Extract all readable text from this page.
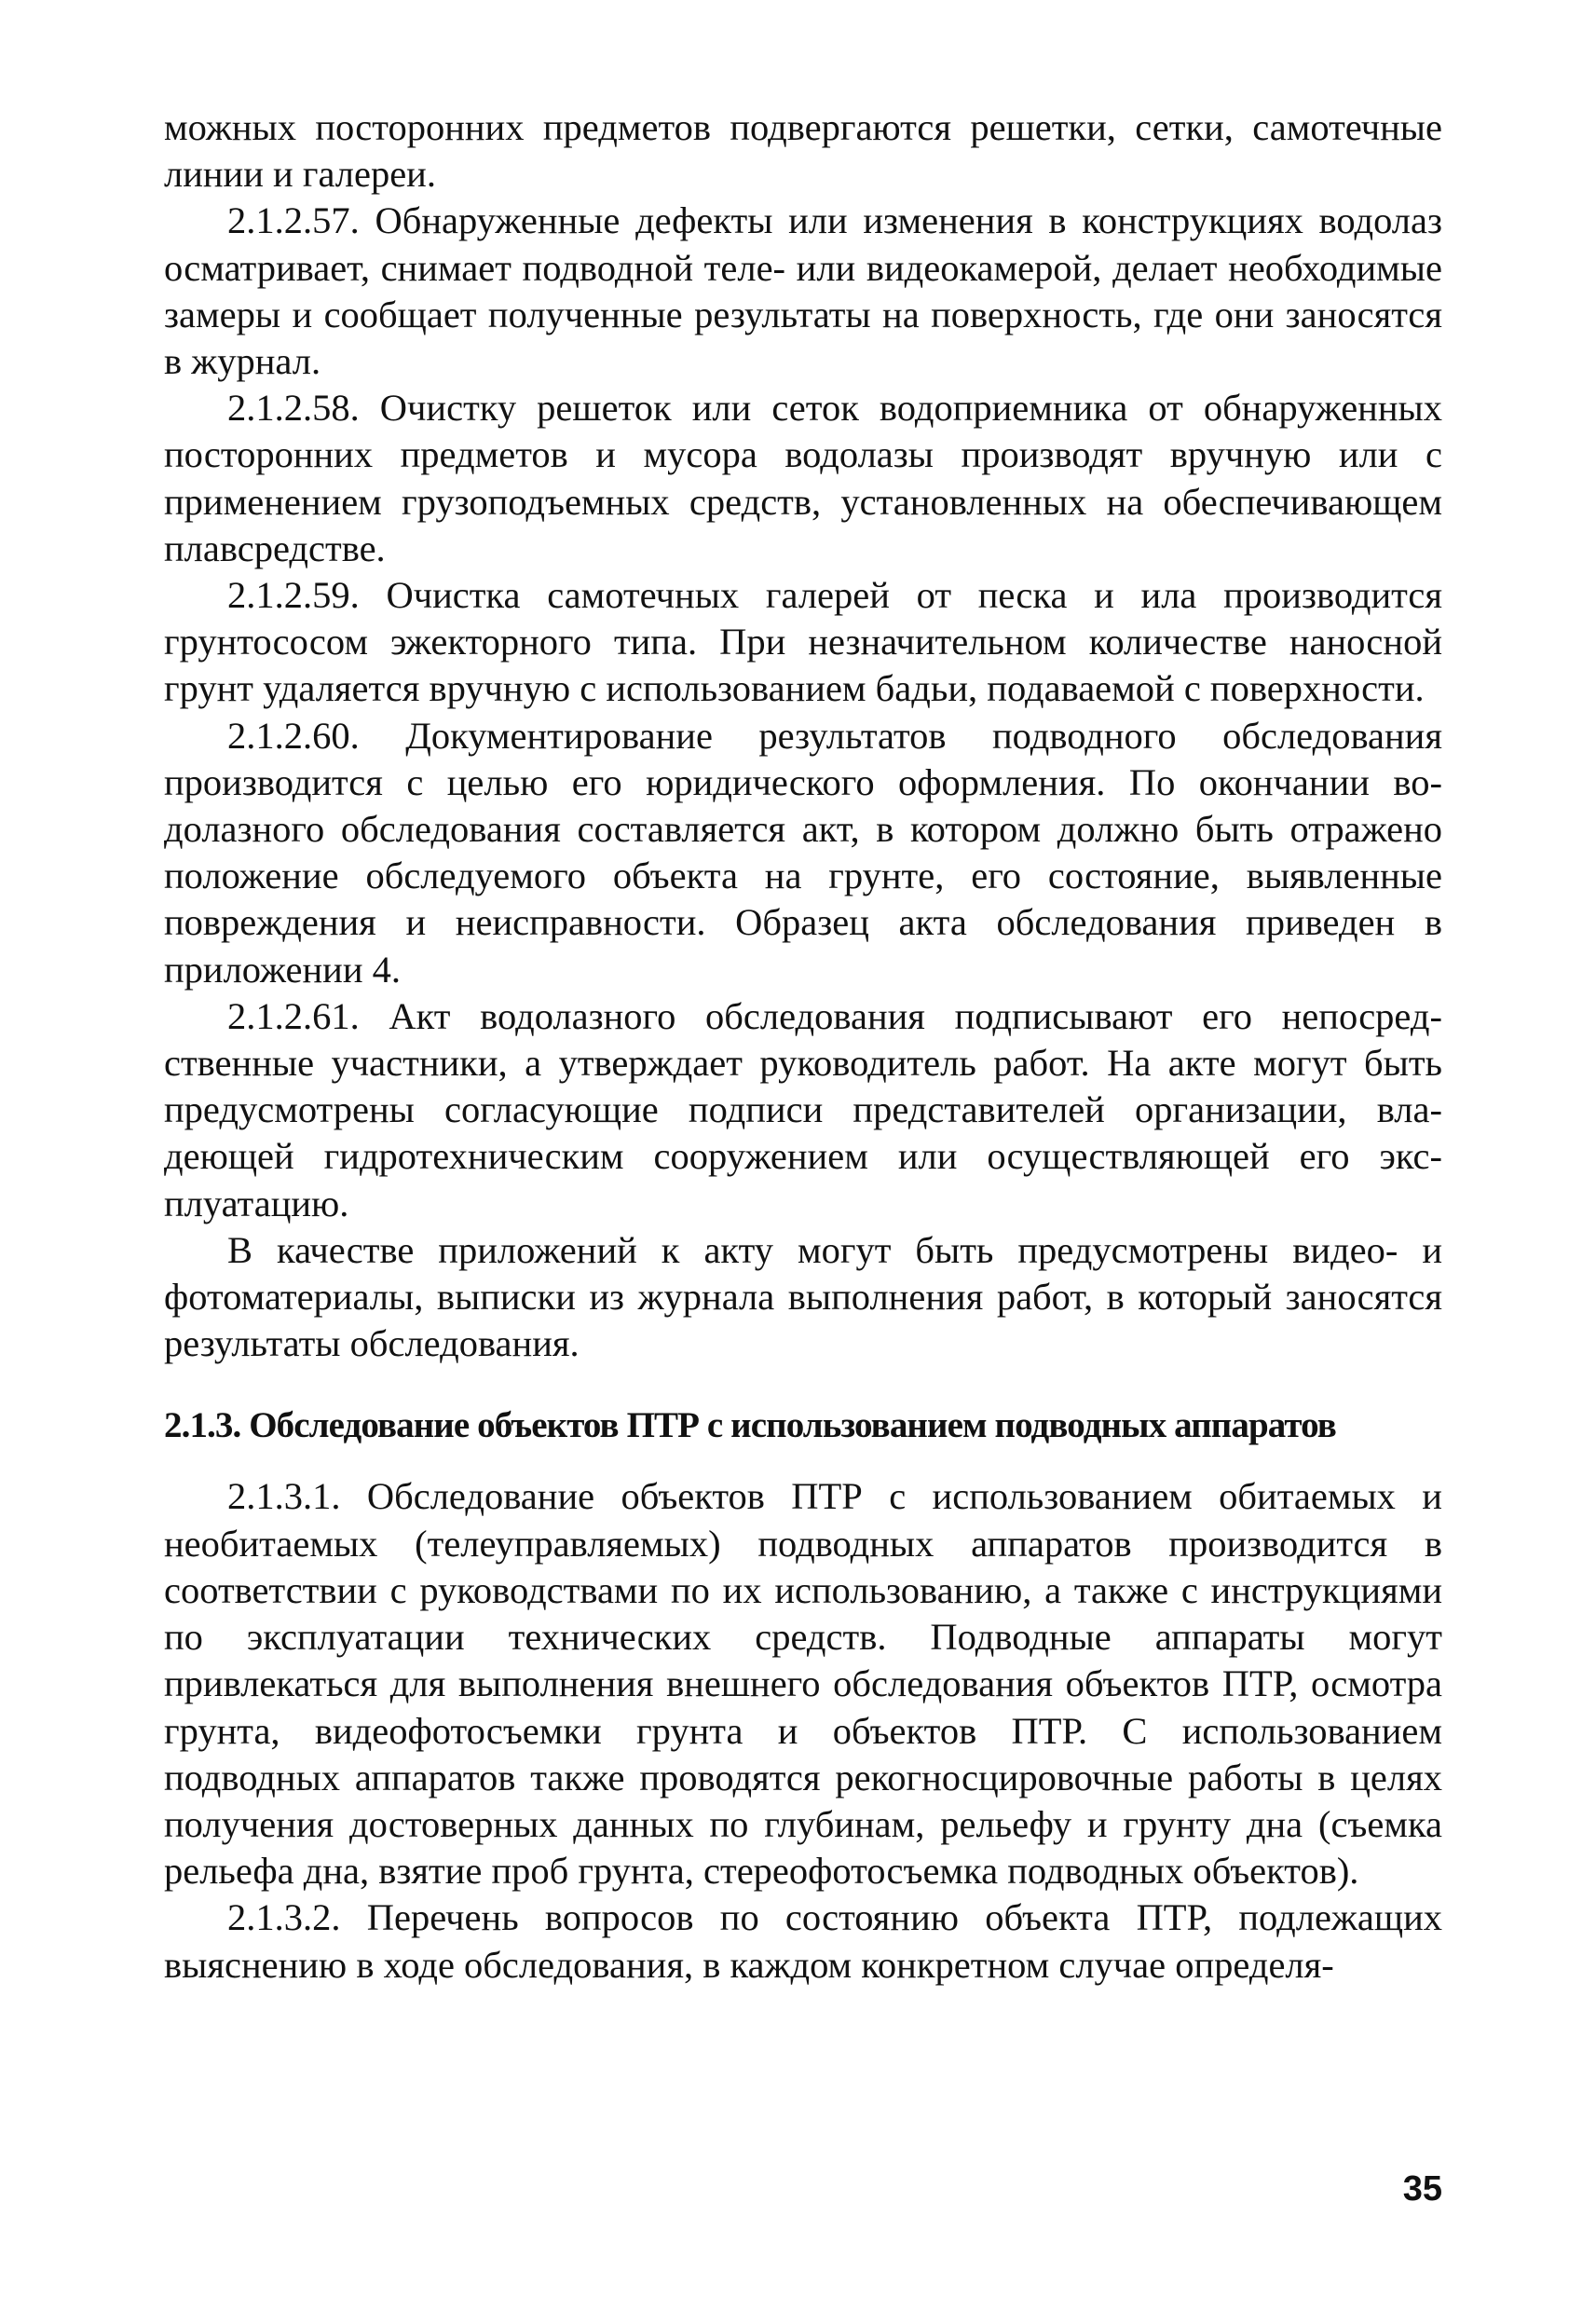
можных посторонних предметов подвергаются решетки, сетки, самотечные линии и галереи.

2.1.2.57. Обнаруженные дефекты или изменения в конструкциях водолаз осматривает, снимает подводной теле- или видеокамерой, делает необходимые замеры и сообщает полученные результаты на поверхность, где они заносятся в журнал.

2.1.2.58. Очистку решеток или сеток водоприемника от обнаруженных посторонних предметов и мусора водолазы производят вручную или с применением грузоподъемных средств, установленных на обеспечивающем плавсредстве.

2.1.2.59. Очистка самотечных галерей от песка и ила производится грунтососом эжекторного типа. При незначительном количестве наносной грунт удаляется вручную с использованием бадьи, подаваемой с поверхности.

2.1.2.60. Документирование результатов подводного обследования производится с целью его юридического оформления. По окончании водолазного обследования составляется акт, в котором должно быть отражено положение обследуемого объекта на грунте, его состояние, выявленные повреждения и неисправности. Образец акта обследования приведен в приложении 4.

2.1.2.61. Акт водолазного обследования подписывают его непосредственные участники, а утверждает руководитель работ. На акте могут быть предусмотрены согласующие подписи представителей организации, владеющей гидротехническим сооружением или осуществляющей его эксплуатацию.

В качестве приложений к акту могут быть предусмотрены видео- и фотоматериалы, выписки из журнала выполнения работ, в который заносятся результаты обследования.

2.1.3. Обследование объектов ПТР с использованием подводных аппаратов

2.1.3.1. Обследование объектов ПТР с использованием обитаемых и необитаемых (телеуправляемых) подводных аппаратов производится в соответствии с руководствами по их использованию, а также с инструкциями по эксплуатации технических средств. Подводные аппараты могут привлекаться для выполнения внешнего обследования объектов ПТР, осмотра грунта, видеофотосъемки грунта и объектов ПТР. С использованием подводных аппаратов также проводятся рекогносцировочные работы в целях получения достоверных данных по глубинам, рельефу и грунту дна (съемка рельефа дна, взятие проб грунта, стереофотосъемка подводных объектов).

2.1.3.2. Перечень вопросов по состоянию объекта ПТР, подлежащих выяснению в ходе обследования, в каждом конкретном случае определя-

35
